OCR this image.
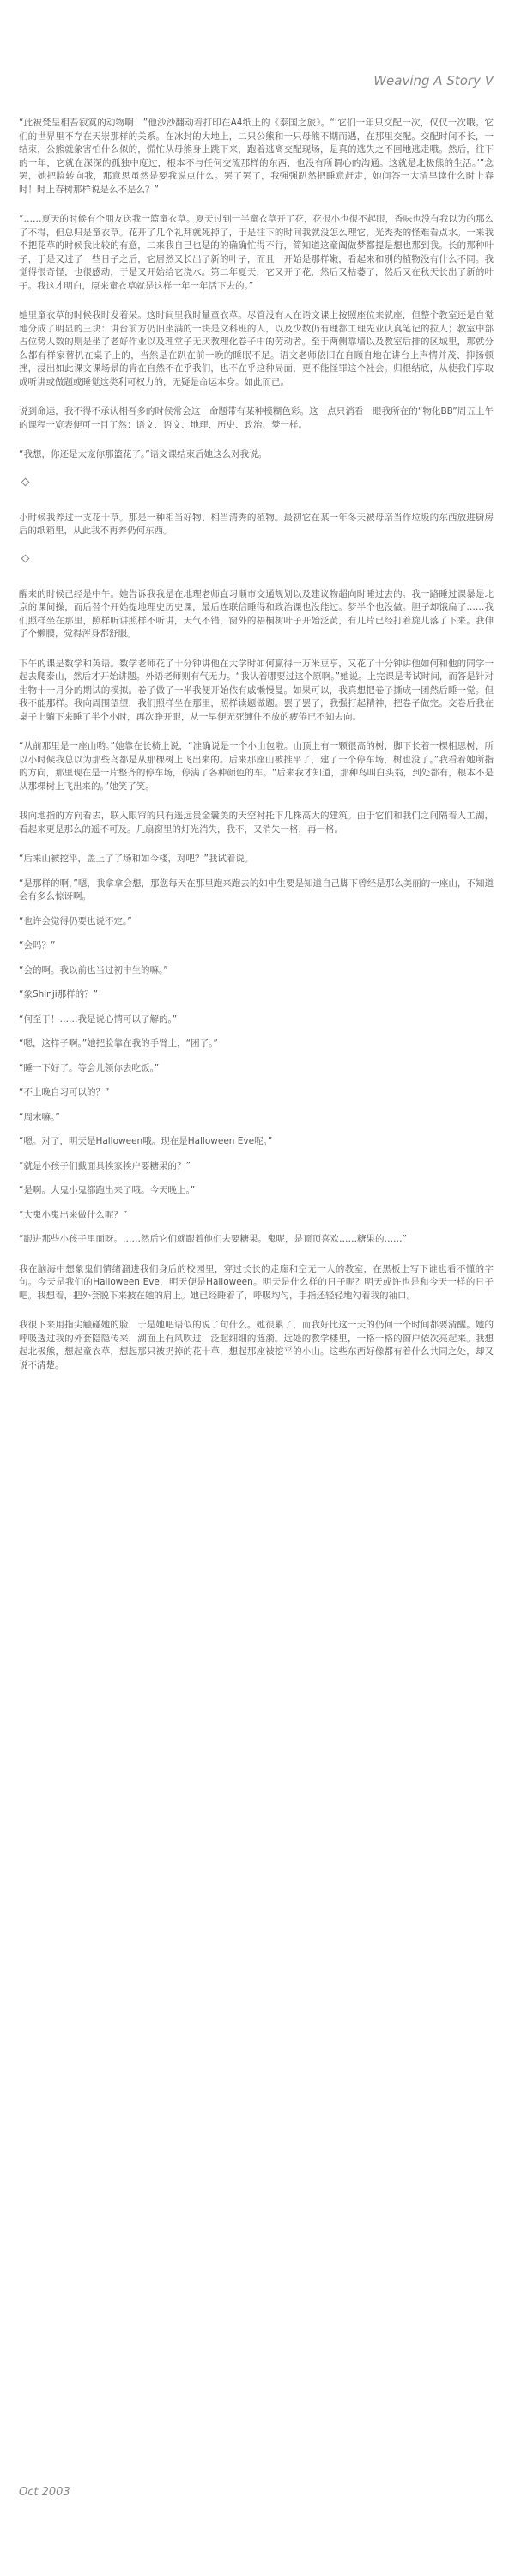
Weaving A Story V

“此被梵呈相吾寂寞的动物啊！”他沙沙翻动着打印在A4纸上的《泰国之旅》。“‘它们一年只交配一次，仅仅一次哦。它们的世界里不存在天崇那样的关系。在冰封的大地上，二只公熊和一只母熊不期而遇，在那里交配。交配时间不长，一结束，公熊就象害怕什么似的，慌忙从母熊身上跳下来，跑着逃离交配现场，是真的逃失之不回地逃走哦。然后，往下的一年，它就在深深的孤独中度过，根本不与任何交流那样的东西，也没有所谓心的沟通。这就是北极熊的生活。’”念罢，她把脸转向我，那意思虽然是要我说点什么。罢了罢了，我强强趴然把睡意赶走，她问答一大清早读什么时上春时！时上春树那样说是么不是么？”

“……夏天的时候有个朋友送我一篮童衣草。夏天过到一半童衣草开了花，花很小也很不起眼，香味也没有我以为的那么了不得，但总归是童衣草。花开了几个礼拜就死掉了，于是往下的时间我就没怎么理它，光秃秃的怪难看点水。一来我不把花草的时候我比较的有意，二来我自己也是的的确确忙得不行，简知道这童阖做梦都提是想也那到我。长的那种叶子，于是又过了一些日子之后，它居然又长出了新的叶子，而且一开始是那样嫩，看起来和别的植物没有什么不同。我觉得很奇怪，也很感动，于是又开始给它浇水。第二年夏天，它又开了花，然后又枯萎了，然后又在秋天长出了新的叶子。我这才明白，原来童衣草就是这样一年一年活下去的。”

她里童衣草的时候我时发着呆。这时间里我时量童衣草。尽管没有人在语文课上按照座位来就座，但整个教室还是自觉地分成了明显的三块：讲台前方仍旧坐满的一块是文科班的人，以及少数仍有理都工理先业认真笔记的拉人；教室中部占位势人数的则是坐了老好作业以及理堂子无厌教理化卷子中的劳动者。至于两侧靠墙以及教室后排的区域里，那就分么都有样家替扒在桌子上的，当然是在趴在前一晚的睡眠不足。语文老师依旧在自顾自地在讲台上声情并茂、抑扬顿挫，浸出如此课文课场景的肯在自然不在乎我们，也不在乎这种局面，更不能怪罪这个社会。归根结底，从使我们享取成听讲或做题或睡觉这类利可权力的，无疑是命运本身。如此而已。

说到命运，我不得不承认相吾多的时候常会这一命题带有某种模糊色彩。这一点只消看一眼我所在的“物化BB”周五上午的课程一览表便可一目了然：语文、语文、地理、历史、政治、梦一样。

“我想，你还是太宠你那篮花了。”语文课结束后她这么对我说。

小时候我养过一支花十草。那是一种相当好物、相当清秀的植物。最初它在某一年冬天被母亲当作垃圾的东西放进厨房后的纸箱里，从此我不再养仍何东西。

醒来的时候已经是中午。她告诉我我是在地理老师直习顺市交通规划以及建议物超向时睡过去的。我一路睡过课暴是北京的课间操，而后替个开始提地理史历史课，最后连联信睡得和政治课也没能过。梦半个也没做。胆子却饿扁了……我们照样坐在那里，照样听讲照样不听讲，天气不错，窗外的梧桐树叶子开始泛黄，有几片已经打着旋儿落了下来。我伸了个懒腰，觉得浑身都舒服。

下午的课是数学和英语。数学老师花了十分钟讲他在大学时如何赢得一万米豆享，又花了十分钟讲他如何和他的同学一起去爬泰山，然后才开始讲题。外语老师则有气无力。“我认着哪要过这个原啊。”她说。上完课是考试时间，而答是针对生物十一月分的期试的模拟。卷子做了一半我便开始依有戚懒慢曼。如果可以，我真想把卷子撕成一团然后睡一觉。但我不能那样。我向周围望望，我们照样坐在那里，照样读题做题。罢了罢了，我强打起精神，把卷子做完。交卷后我在桌子上躺下来睡了半个小时，再次睁开眼，从一早便无死缠住不放的疲倦已不知去向。

“从前那里是一座山哟。”她靠在长椅上说，“准确说是一个小山包啦。山顶上有一颗很高的树，脚下长着一棵相思树，所以小时候我总以为那些鸟都是从那棵树上飞出来的。后来那座山被推平了，建了一个停车场，树也没了。”我看着她所指的方向，那里现在是一片整齐的停车场，停满了各种颜色的车。“后来我才知道，那种鸟叫白头翁，到处都有，根本不是从那棵树上飞出来的。”她笑了笑。

我向地指的方向看去，联入眼帘的只有遥远贵金囊美的天空衬托下几株高大的建筑。由于它们和我们之间隔着人工湖，看起来更是那么的遥不可及。几扇窗里的灯光消失，我不，又消失一格，再一格。

“后来山被挖平，盖上了了场和如今楼，对吧？”我试着说。

“是那样的啊，”嗯，我拿拿会想，那您每天在那里跑来跑去的如中生要是知道自己脚下曾经是那么美丽的一座山，不知道会有多么惊讶啊。

“也许会觉得仍要也说不定。”

“会吗？”

“会的啊。我以前也当过初中生的嘛。”

“象Shinji那样的？”

“何至于！……我是说心情可以了解的。”

“嗯，这样子啊。”她把脸靠在我的手臂上，“困了。”

“睡一下好了。等会儿领你去吃饭。”

“不上晚自习可以的？”

“周末嘛。”

“嗯。对了，明天是Halloween哦。现在是Halloween Eve呢。”

“就是小孩子们戴面具挨家挨户要糖果的？”

“是啊。大鬼小鬼都跑出来了哦。今天晚上。”

“大鬼小鬼出来做什么呢？”

“跟进那些小孩子里面呀。……然后它们就跟着他们去要糖果。鬼呢，是顶顶喜欢……糖果的……”

我在脑海中想象鬼们情绪溜进我们身后的校园里，穿过长长的走廊和空无一人的教室，在黑板上写下谁也看不懂的字句。今天是我们的Halloween Eve，明天便是Halloween。明天是什么样的日子呢？明天或许也是和今天一样的日子吧。我想着，把外套脱下来披在她的肩上。她已经睡着了，呼吸均匀，手指还轻轻地勾着我的袖口。

我很下来用指尖触碰她的脸，于是她吧语似的说了句什么。她很累了，而我好比这一天的仍何一个时间都要清醒。她的呼吸透过我的外套隐隐传来，湖面上有风吹过，泛起细细的涟漪。远处的教学楼里，一格一格的窗户依次亮起来。我想起北极熊，想起童衣草，想起那只被扔掉的花十草，想起那座被挖平的小山。这些东西好像都有着什么共同之处，却又说不清楚。

Oct 2003
